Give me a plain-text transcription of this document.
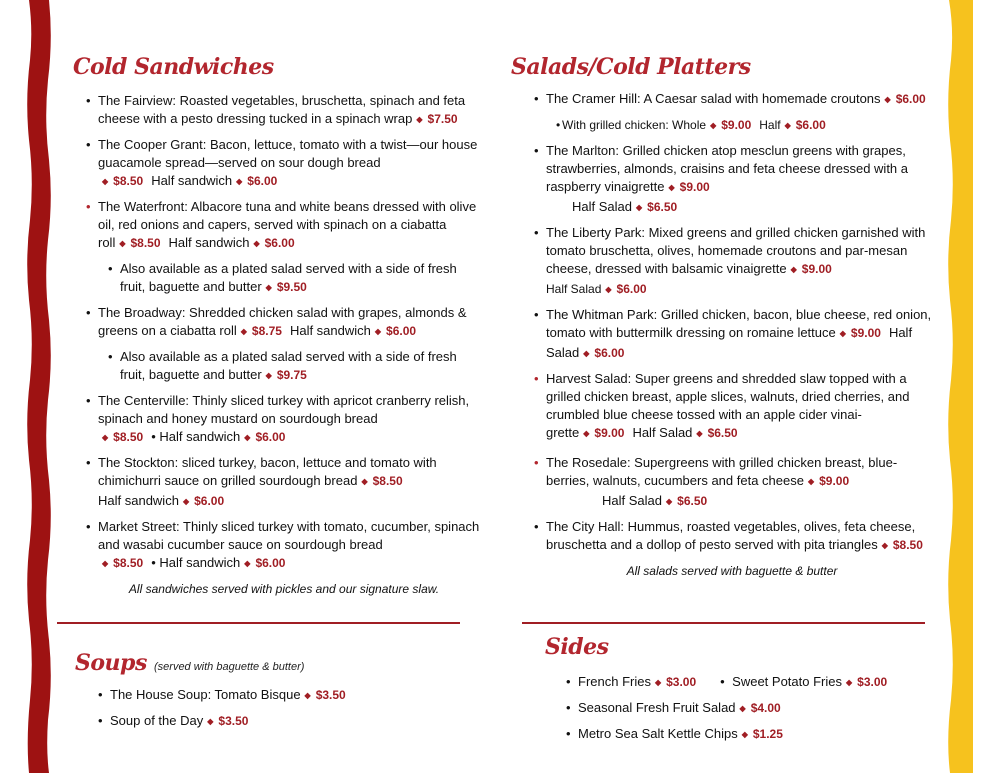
Cold Sandwiches
• The Fairview: Roasted vegetables, bruschetta, spinach and feta cheese with a pesto dressing tucked in a spinach wrap ◆ $7.50
• The Cooper Grant: Bacon, lettuce, tomato with a twist—our house guacamole spread—served on sour dough bread
◆ $8.50 Half sandwich ◆ $6.00
• The Waterfront: Albacore tuna and white beans dressed with olive oil, red onions and capers, served with spinach on a ciabatta roll ◆ $8.50 Half sandwich ◆ $6.00
• Also available as a plated salad served with a side of fresh fruit, baguette and butter ◆ $9.50
• The Broadway: Shredded chicken salad with grapes, almonds & greens on a ciabatta roll ◆ $8.75 Half sandwich ◆ $6.00
• Also available as a plated salad served with a side of fresh fruit, baguette and butter ◆ $9.75
• The Centerville: Thinly sliced turkey with apricot cranberry relish, spinach and honey mustard on sourdough bread
◆ $8.50 • Half sandwich ◆ $6.00
• The Stockton: sliced turkey, bacon, lettuce and tomato with chimichurri sauce on grilled sourdough bread ◆ $8.50
Half sandwich ◆ $6.00
• Market Street: Thinly sliced turkey with tomato, cucumber, spinach and wasabi cucumber sauce on sourdough bread
◆ $8.50 • Half sandwich ◆ $6.00
All sandwiches served with pickles and our signature slaw.
Soups (served with baguette & butter)
• The House Soup: Tomato Bisque ◆ $3.50
• Soup of the Day ◆ $3.50
Salads/Cold Platters
• The Cramer Hill: A Caesar salad with homemade croutons ◆ $6.00
• With grilled chicken: Whole ◆ $9.00 Half ◆ $6.00
• The Marlton: Grilled chicken atop mesclun greens with grapes, strawberries, almonds, craisins and feta cheese dressed with a raspberry vinaigrette ◆ $9.00
Half Salad ◆ $6.50
• The Liberty Park: Mixed greens and grilled chicken garnished with tomato bruschetta, olives, homemade croutons and par-mesan cheese, dressed with balsamic vinaigrette ◆ $9.00
Half Salad ◆ $6.00
• The Whitman Park: Grilled chicken, bacon, blue cheese, red onion, tomato with buttermilk dressing on romaine lettuce ◆ $9.00 Half Salad ◆ $6.00
• Harvest Salad: Super greens and shredded slaw topped with a grilled chicken breast, apple slices, walnuts, dried cherries, and crumbled blue cheese tossed with an apple cider vinai-grette ◆ $9.00 Half Salad ◆ $6.50
• The Rosedale: Supergreens with grilled chicken breast, blue-berries, walnuts, cucumbers and feta cheese ◆ $9.00
Half Salad ◆ $6.50
• The City Hall: Hummus, roasted vegetables, olives, feta cheese, bruschetta and a dollop of pesto served with pita triangles ◆ $8.50
All salads served with baguette & butter
Sides
• French Fries ◆ $3.00	• Sweet Potato Fries ◆ $3.00
• Seasonal Fresh Fruit Salad ◆ $4.00
• Metro Sea Salt Kettle Chips ◆ $1.25
